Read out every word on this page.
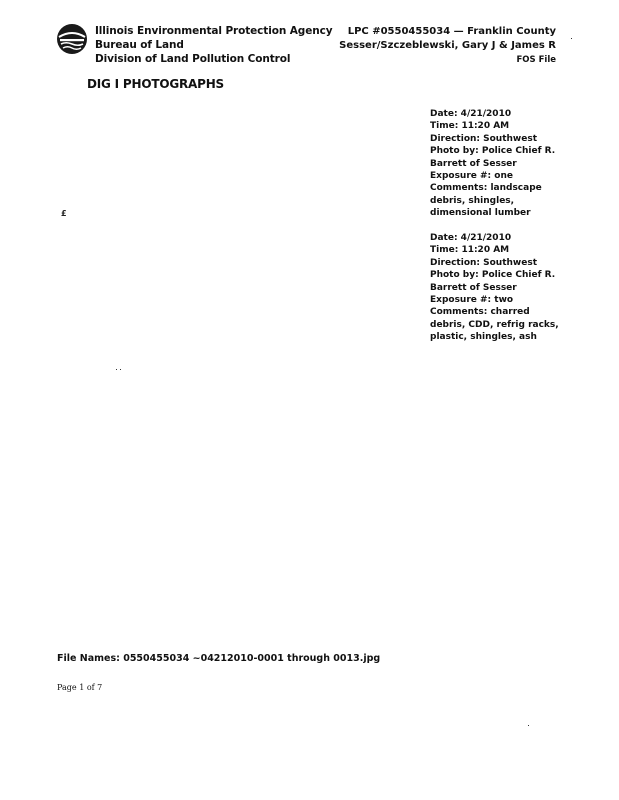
Illinois Environmental Protection Agency
Bureau of Land
Division of Land Pollution Control
LPC #0550455034 — Franklin County
Sesser/Szczeblewski, Gary J & James R
FOS File
DIG I PHOTOGRAPHS
Date: 4/21/2010
Time: 11:20 AM
Direction: Southwest
Photo by: Police Chief R.
Barrett of Sesser
Exposure #: one
Comments: landscape
debris, shingles,
dimensional lumber
Date: 4/21/2010
Time: 11:20 AM
Direction: Southwest
Photo by: Police Chief R.
Barrett of Sesser
Exposure #: two
Comments: charred
debris, CDD, refrig racks,
plastic, shingles, ash
£
File Names: 0550455034 ~04212010-0001 through 0013.jpg
Page 1 of 7
